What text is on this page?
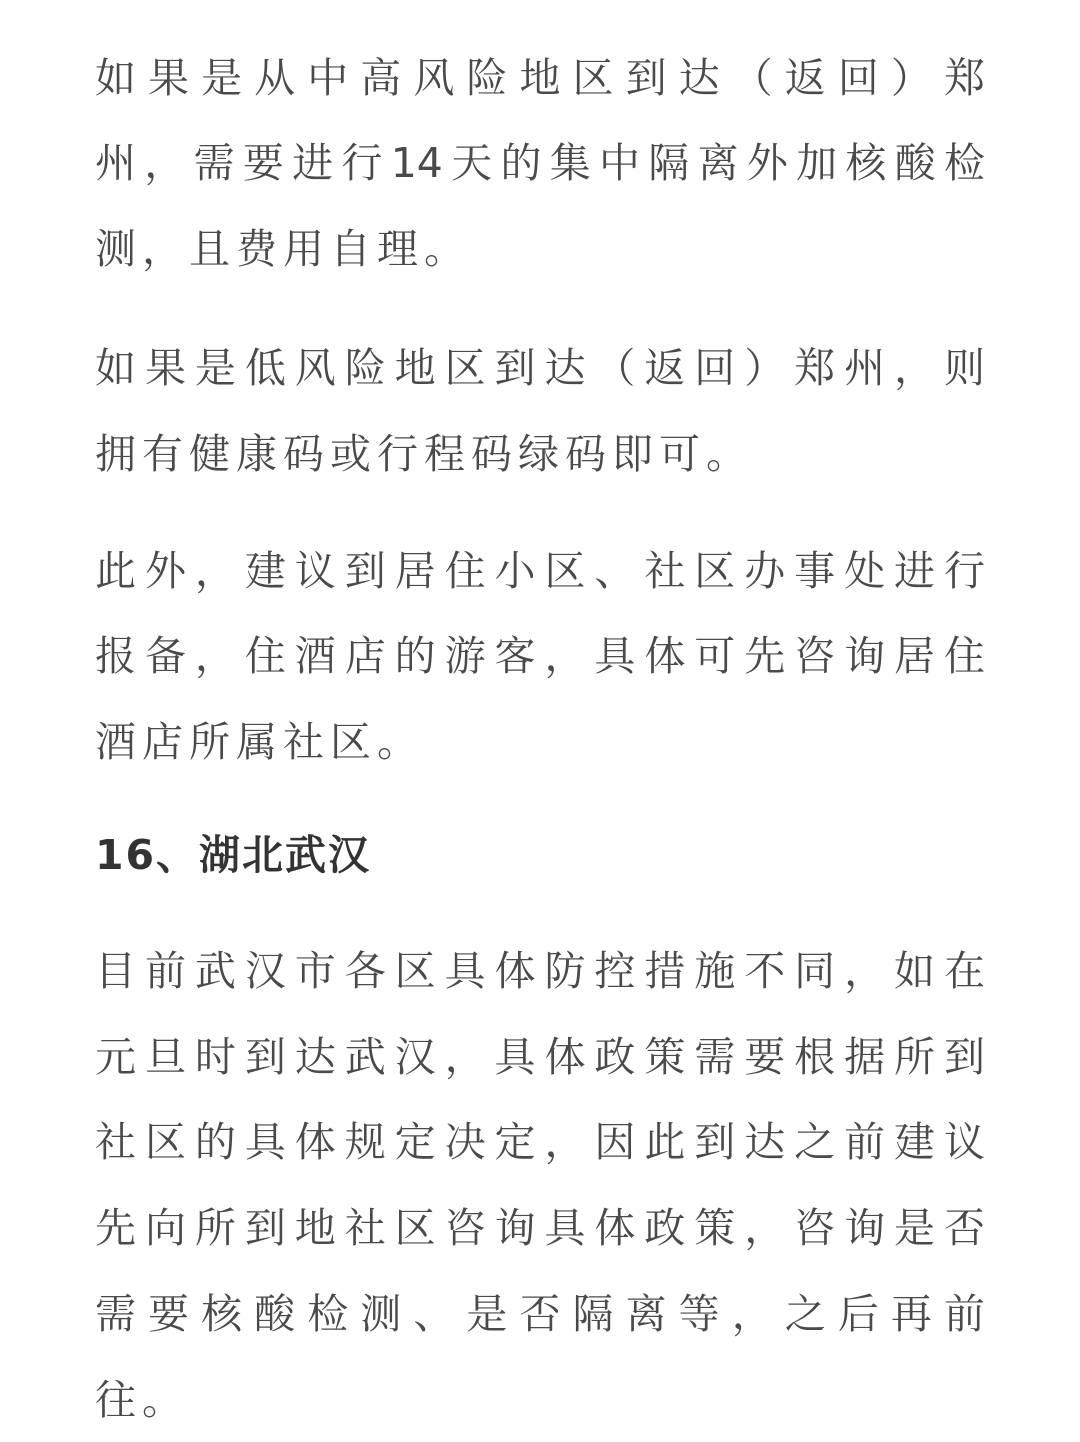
如果是从中高风险地区到达（返回）郑
州，需要进行14天的集中隔离外加核酸检
测，且费用自理。
如果是低风险地区到达（返回）郑州，则
拥有健康码或行程码绿码即可。
此外，建议到居住小区、社区办事处进行
报备，住酒店的游客，具体可先咨询居住
酒店所属社区。
16、湖北武汉
目前武汉市各区具体防控措施不同，如在
元旦时到达武汉，具体政策需要根据所到
社区的具体规定决定，因此到达之前建议
先向所到地社区咨询具体政策，咨询是否
需要核酸检测、是否隔离等，之后再前
往。
